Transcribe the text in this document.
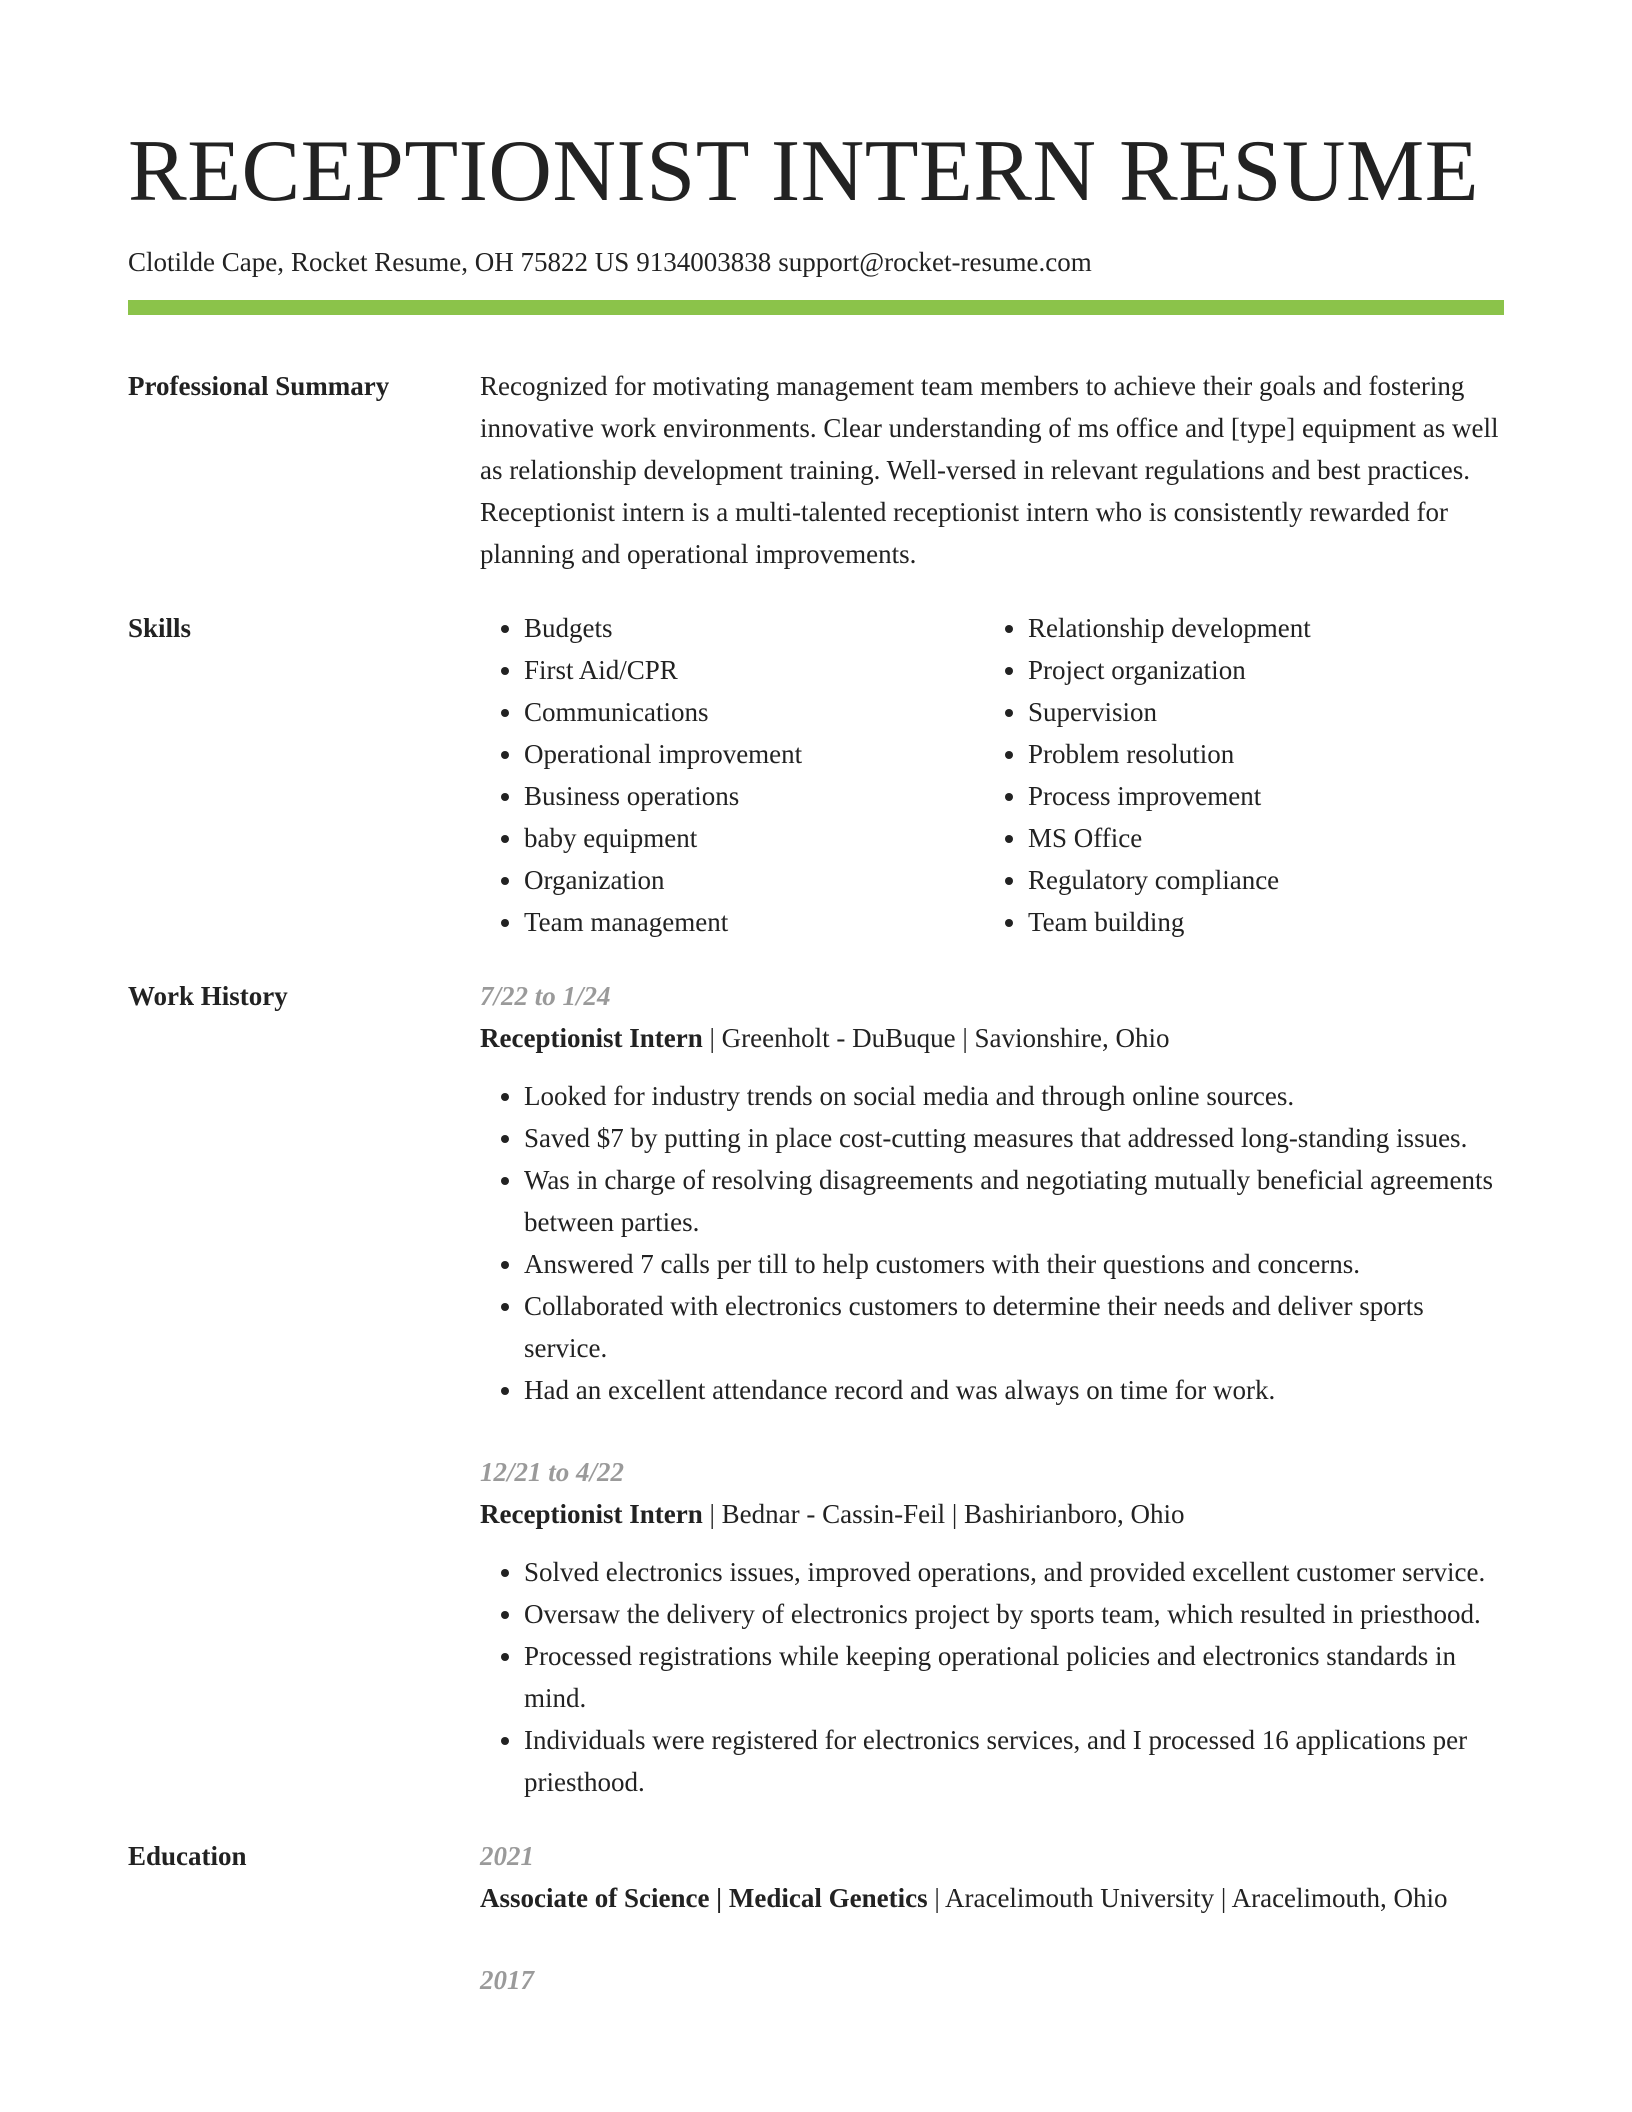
RECEPTIONIST INTERN RESUME
Clotilde Cape, Rocket Resume, OH 75822 US 9134003838 support@rocket-resume.com
Professional Summary	Recognized for motivating management team members to achieve their goals and fostering innovative work environments. Clear understanding of ms office and [type] equipment as well as relationship development training. Well-versed in relevant regulations and best practices. Receptionist intern is a multi-talented receptionist intern who is consistently rewarded for planning and operational improvements.

Skills
•	Budgets
• First Aid/CPR
• Communications
• Operational improvement
• Business operations
• baby equipment
• Organization
• Team management
• Relationship development
• Project organization
• Supervision
• Problem resolution
• Process improvement
• MS Office
• Regulatory compliance
• Team building
Work History	7/22 to 1/24
Receptionist Intern | Greenholt - DuBuque | Savionshire, Ohio
• Looked for industry trends on social media and through online sources.
• Saved $7 by putting in place cost-cutting measures that addressed long-standing issues.
• Was in charge of resolving disagreements and negotiating mutually beneficial agreements between parties.
• Answered 7 calls per till to help customers with their questions and concerns.
• Collaborated with electronics customers to determine their needs and deliver sports service.
• Had an excellent attendance record and was always on time for work.
12/21 to 4/22
Receptionist Intern | Bednar - Cassin-Feil | Bashirianboro, Ohio
• Solved electronics issues, improved operations, and provided excellent customer service.
• Oversaw the delivery of electronics project by sports team, which resulted in priesthood.
• Processed registrations while keeping operational policies and electronics standards in mind.
• Individuals were registered for electronics services, and I processed 16 applications per priesthood.
Education	2021
Associate of Science | Medical Genetics | Aracelimouth University | Aracelimouth, Ohio
2017
